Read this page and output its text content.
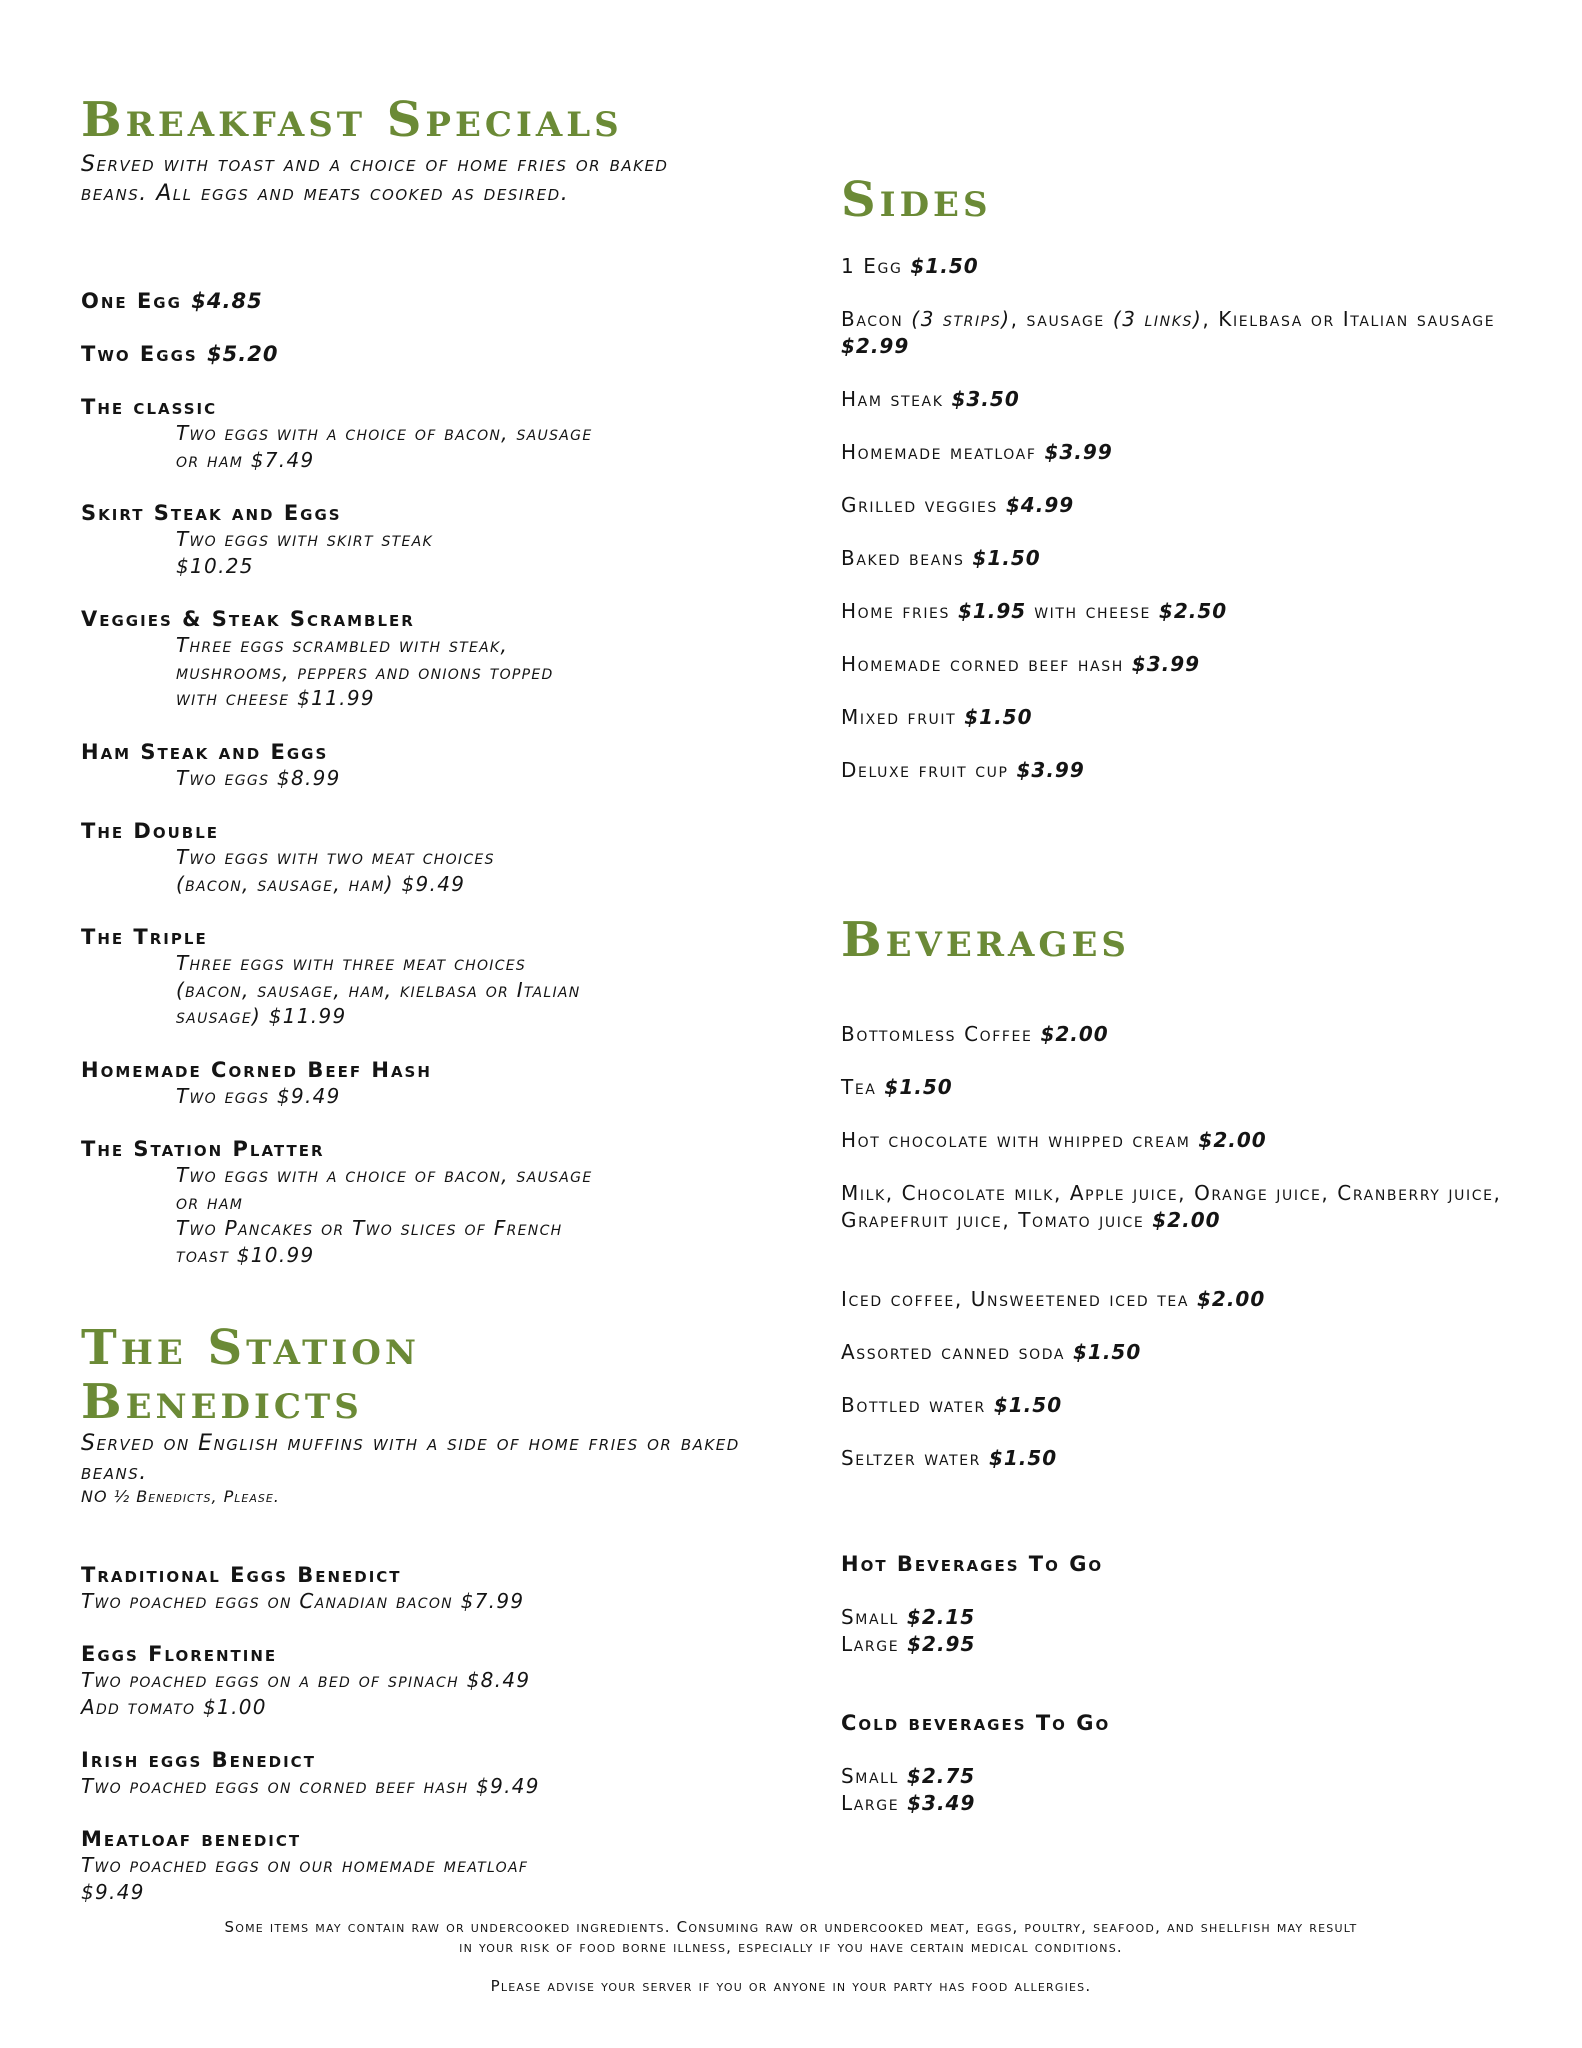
Breakfast Specials

Served with toast and a choice of home fries or baked beans. All eggs and meats cooked as desired.

One Egg $4.85
Two Eggs $5.20
The classic
Two eggs with a choice of bacon, sausage
or ham $7.49
Skirt Steak and Eggs
Two eggs with skirt steak
$10.25
Veggies & Steak Scrambler
Three eggs scrambled with steak,
mushrooms, peppers and onions topped
with cheese $11.99
Ham Steak and Eggs
Two eggs $8.99
The Double
Two eggs with two meat choices
(bacon, sausage, ham) $9.49
The Triple
Three eggs with three meat choices
(bacon, sausage, ham, kielbasa or Italian
sausage) $11.99
Homemade Corned Beef Hash
Two eggs $9.49
The Station Platter
Two eggs with a choice of bacon, sausage
or ham
Two Pancakes or Two slices of French
toast $10.99
The Station
Benedicts

Served on English muffins with a side of home fries or baked beans.
NO ½ Benedicts, Please.

Traditional Eggs Benedict
Two poached eggs on Canadian bacon $7.99
Eggs Florentine
Two poached eggs on a bed of spinach $8.49
Add tomato $1.00
Irish eggs Benedict
Two poached eggs on corned beef hash $9.49
Meatloaf benedict
Two poached eggs on our homemade meatloaf
$9.49
Sides
1 Egg $1.50
Bacon (3 strips), sausage (3 links), Kielbasa or Italian sausage $2.99
Ham steak $3.50
Homemade meatloaf $3.99
Grilled veggies $4.99
Baked beans $1.50
Home fries $1.95 with cheese $2.50
Homemade corned beef hash $3.99
Mixed fruit $1.50
Deluxe fruit cup $3.99
Beverages
Bottomless Coffee $2.00
Tea $1.50
Hot chocolate with whipped cream $2.00
Milk, Chocolate milk, Apple juice, Orange juice, Cranberry juice, Grapefruit juice, Tomato juice $2.00
Iced coffee, Unsweetened iced tea $2.00
Assorted canned soda $1.50
Bottled water $1.50
Seltzer water $1.50
Hot Beverages To Go
Small $2.15
Large $2.95
Cold beverages To Go
Small $2.75
Large $3.49

Some items may contain raw or undercooked ingredients. Consuming raw or undercooked meat, eggs, poultry, seafood, and shellfish may result in your risk of food borne illness, especially if you have certain medical conditions.

Please advise your server if you or anyone in your party has food allergies.
